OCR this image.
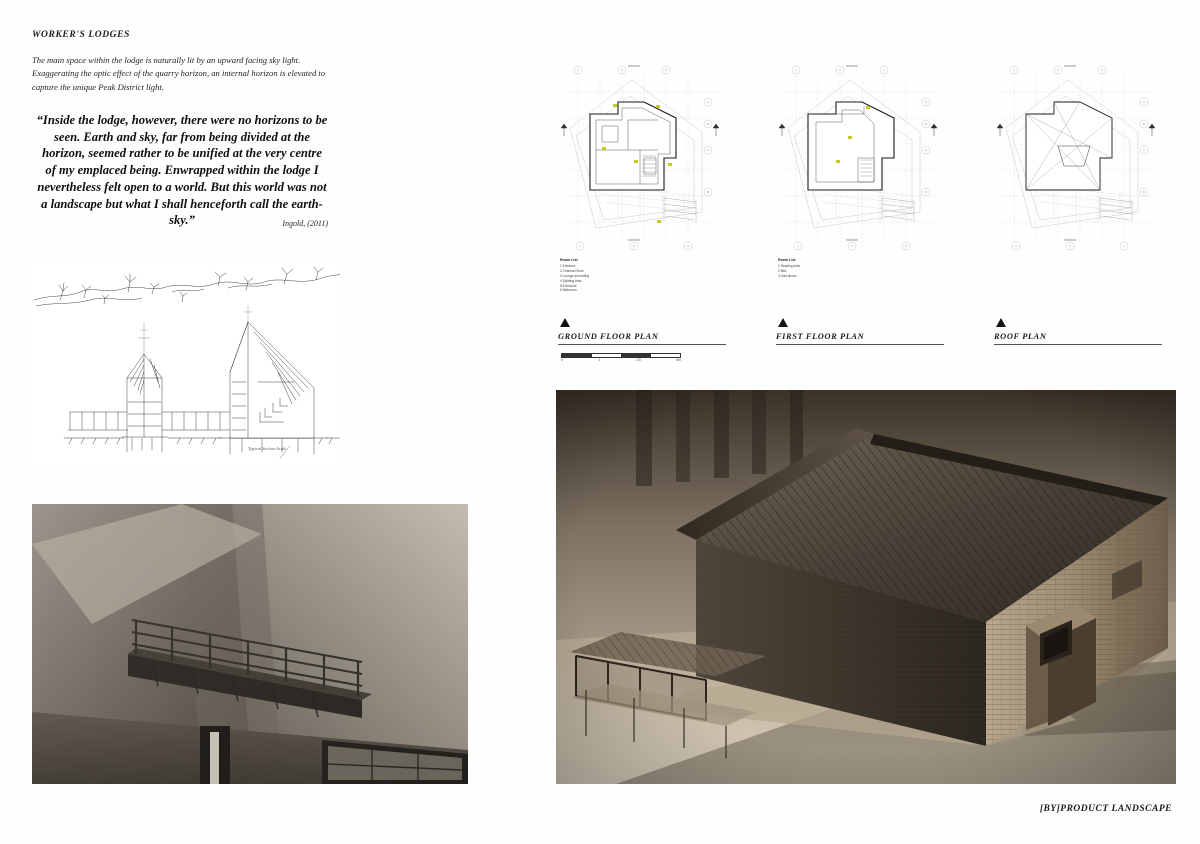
WORKER'S LODGES
The main space within the lodge is naturally lit by an upward facing sky light. Exaggerating the optic effect of the quarry horizon, an internal horizon is elevated to capture the unique Peak District light.
“Inside the lodge, however, there were no horizons to be seen. Earth and sky, far from being divided at the horizon, seemed rather to be unified at the very centre of my emplaced being. Enwrapped within the lodge I nevertheless felt open to a world. But this world was not a landscape but what I shall henceforth call the earth-sky.”	Ingold, (2011)
Typical Section Scale
1	2	3
A
B
C
D
1	2	3
Room List
1 Entrance
2 Charcoal Store
3 Lounge and eating
4 Splitting Area
5 Enclosure
6 Bathroom
1	2	3
A
B
C
D
1	2	3
Room List
1 Reading deck
2 Bed
3 Void above
1	2	3
A
B
C
D
1	2	3
GROUND FLOOR PLAN	FIRST FLOOR PLAN	ROOF PLAN
0	1	2.5	5m
[BY]PRODUCT LANDSCAPE
